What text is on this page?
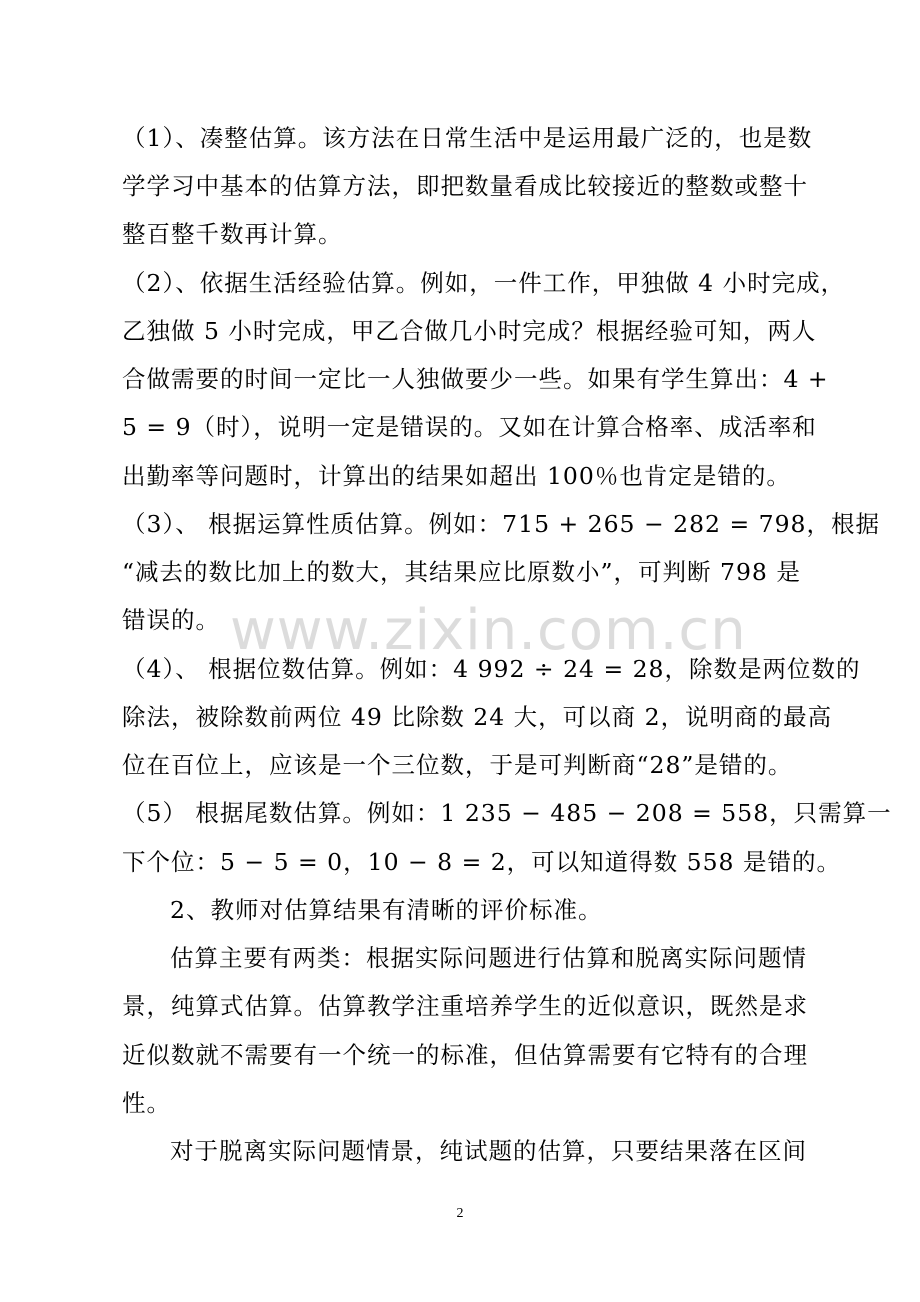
www.zixin.com.cn
（1）、凑整估算。该方法在日常生活中是运用最广泛的，也是数
学学习中基本的估算方法，即把数量看成比较接近的整数或整十
整百整千数再计算。
（2）、依据生活经验估算。例如，一件工作，甲独做 4 小时完成，
乙独做 5 小时完成，甲乙合做几小时完成？根据经验可知，两人
合做需要的时间一定比一人独做要少一些。如果有学生算出：4 +
5 = 9（时），说明一定是错误的。又如在计算合格率、成活率和
出勤率等问题时，计算出的结果如超出 100％也肯定是错的。
（3）、 根据运算性质估算。例如：715 + 265 − 282 = 798，根据
“减去的数比加上的数大，其结果应比原数小”，可判断 798 是
错误的。
（4）、 根据位数估算。例如：4 992 ÷ 24 = 28，除数是两位数的
除法，被除数前两位 49 比除数 24 大，可以商 2，说明商的最高
位在百位上，应该是一个三位数，于是可判断商“28”是错的。
（5） 根据尾数估算。例如：1 235 − 485 − 208 = 558，只需算一
下个位：5 − 5 = 0，10 − 8 = 2，可以知道得数 558 是错的。
2、教师对估算结果有清晰的评价标准。
估算主要有两类：根据实际问题进行估算和脱离实际问题情
景，纯算式估算。估算教学注重培养学生的近似意识，既然是求
近似数就不需要有一个统一的标准，但估算需要有它特有的合理
性。
对于脱离实际问题情景，纯试题的估算，只要结果落在区间
2
